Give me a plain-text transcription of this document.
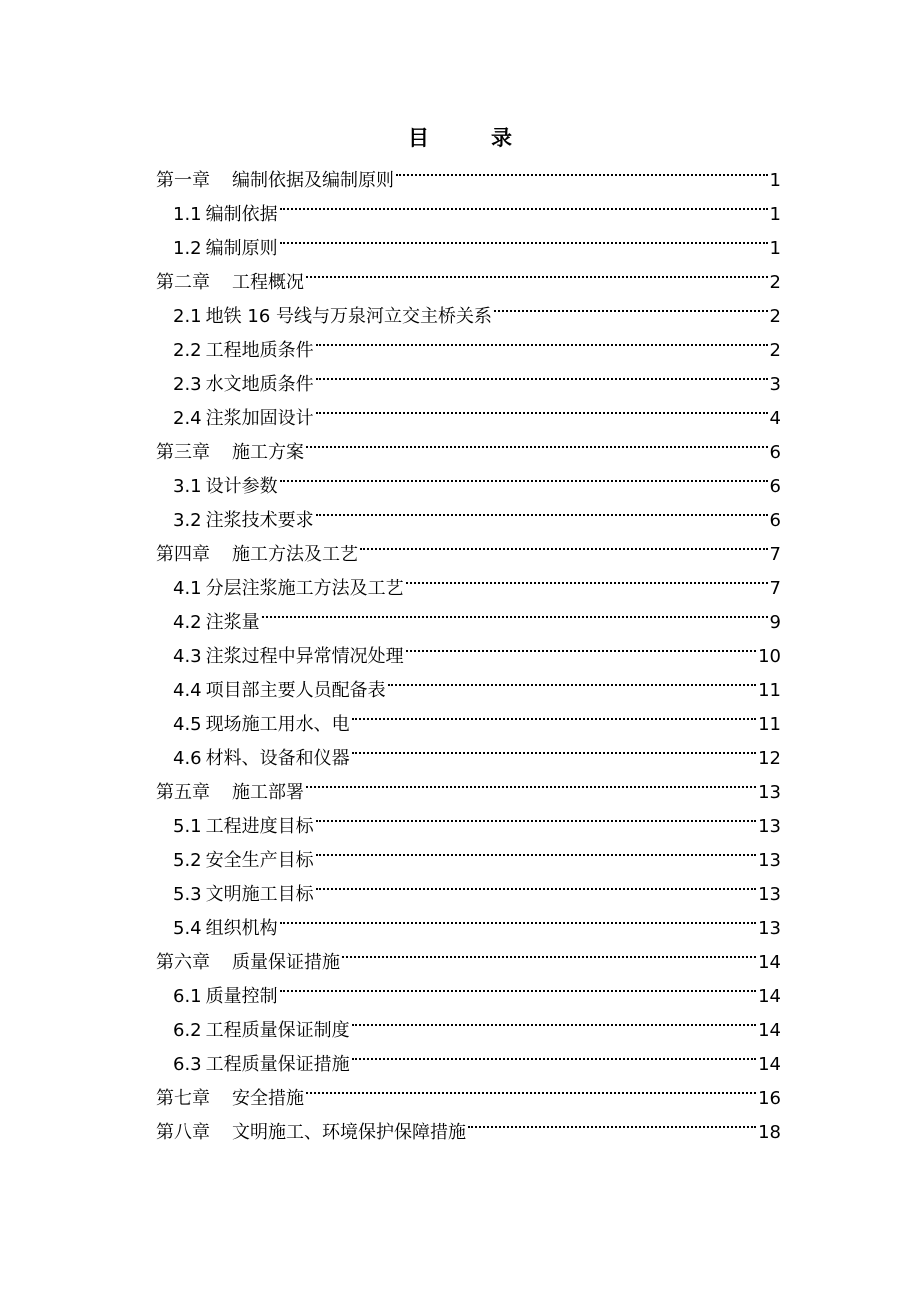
目	录
第一章 编制依据及编制原则	1
1.1 编制依据	1
1.2 编制原则	1
第二章 工程概况	2
2.1 地铁 16 号线与万泉河立交主桥关系	2
2.2 工程地质条件	2
2.3 水文地质条件	3
2.4 注浆加固设计	4
第三章 施工方案	6
3.1 设计参数	6
3.2 注浆技术要求	6
第四章 施工方法及工艺	7
4.1 分层注浆施工方法及工艺	7
4.2 注浆量	9
4.3 注浆过程中异常情况处理	10
4.4 项目部主要人员配备表	11
4.5 现场施工用水、电	11
4.6 材料、设备和仪器	12
第五章 施工部署	13
5.1 工程进度目标	13
5.2 安全生产目标	13
5.3 文明施工目标	13
5.4 组织机构	13
第六章 质量保证措施	14
6.1 质量控制	14
6.2 工程质量保证制度	14
6.3 工程质量保证措施	14
第七章 安全措施	16
第八章 文明施工、环境保护保障措施	18
